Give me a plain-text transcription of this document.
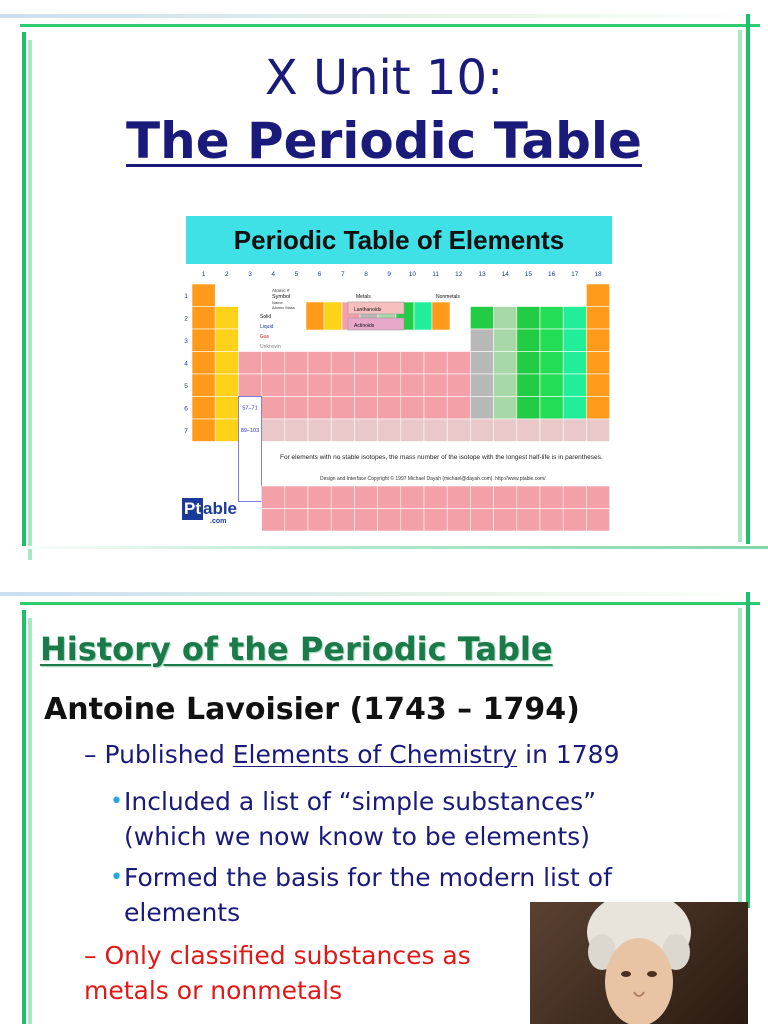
X Unit 10:
The Periodic Table
Periodic Table of Elements
1	2	3	4	5	6	7	8	9	10 11 12 13 14 15 16 17 18
1
2
3
4
5
6
7
57–71
89–103
Atomic #
Symbol
Name
Atomic Mass
Solid
Liquid
Gas
Unknown
Metals	Nonmetals
Lanthanoids
Actinoids
For elements with no stable isotopes, the mass number of the isotope with the longest half-life is in parentheses.
Design and Interface Copyright © 1997 Michael Dayah (michael@dayah.com). http://www.ptable.com/
Pt able
.com
History of the Periodic Table
Antoine Lavoisier (1743 – 1794)
– Published Elements of Chemistry in 1789
• Included a list of “simple substances”
(which we now know to be elements)
• Formed the basis for the modern list of
elements
– Only classified substances as
metals or nonmetals
